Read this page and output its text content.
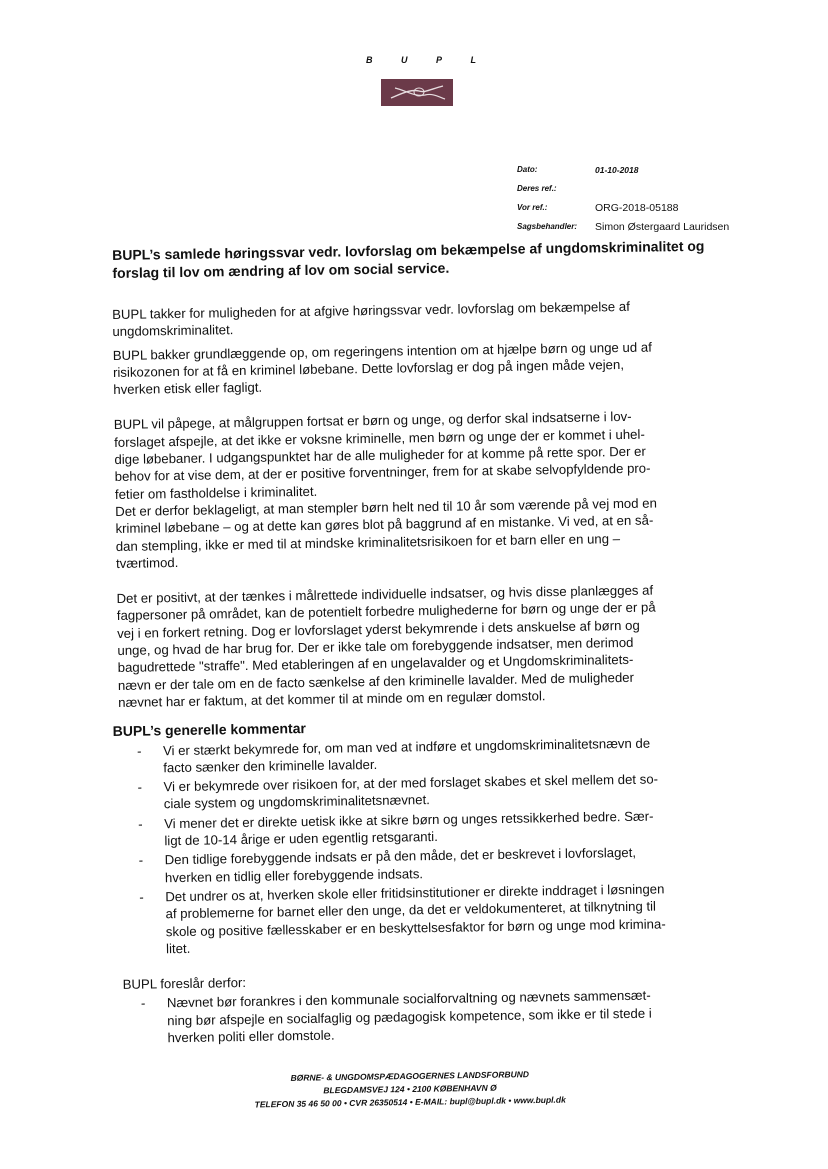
B	U	P	L
Dato:	01-10-2018
Deres ref.:
Vor ref.:	ORG-2018-05188
Sagsbehandler:	Simon Østergaard Lauridsen
BUPL’s samlede høringssvar vedr. lovforslag om bekæmpelse af ungdomskriminalitet og forslag til lov om ændring af lov om social service.

BUPL takker for muligheden for at afgive høringssvar vedr. lovforslag om bekæmpelse af
ungdomskriminalitet.

BUPL bakker grundlæggende op, om regeringens intention om at hjælpe børn og unge ud af
risikozonen for at få en kriminel løbebane. Dette lovforslag er dog på ingen måde vejen,
hverken etisk eller fagligt.

BUPL vil påpege, at målgruppen fortsat er børn og unge, og derfor skal indsatserne i lov-
forslaget afspejle, at det ikke er voksne kriminelle, men børn og unge der er kommet i uhel-
dige løbebaner. I udgangspunktet har de alle muligheder for at komme på rette spor. Der er
behov for at vise dem, at der er positive forventninger, frem for at skabe selvopfyldende pro-
fetier om fastholdelse i kriminalitet.
Det er derfor beklageligt, at man stempler børn helt ned til 10 år som værende på vej mod en
kriminel løbebane – og at dette kan gøres blot på baggrund af en mistanke. Vi ved, at en så-
dan stempling, ikke er med til at mindske kriminalitetsrisikoen for et barn eller en ung –
tværtimod.

Det er positivt, at der tænkes i målrettede individuelle indsatser, og hvis disse planlægges af
fagpersoner på området, kan de potentielt forbedre mulighederne for børn og unge der er på
vej i en forkert retning. Dog er lovforslaget yderst bekymrende i dets anskuelse af børn og
unge, og hvad de har brug for. Der er ikke tale om forebyggende indsatser, men derimod
bagudrettede "straffe". Med etableringen af en ungelavalder og et Ungdomskriminalitets-
nævn er der tale om en de facto sænkelse af den kriminelle lavalder. Med de muligheder
nævnet har er faktum, at det kommer til at minde om en regulær domstol.

BUPL’s generelle kommentar
- Vi er stærkt bekymrede for, om man ved at indføre et ungdomskriminalitetsnævn de
facto sænker den kriminelle lavalder.
- Vi er bekymrede over risikoen for, at der med forslaget skabes et skel mellem det so-
ciale system og ungdomskriminalitetsnævnet.
- Vi mener det er direkte uetisk ikke at sikre børn og unges retssikkerhed bedre. Sær-
ligt de 10-14 årige er uden egentlig retsgaranti.
- Den tidlige forebyggende indsats er på den måde, det er beskrevet i lovforslaget,
hverken en tidlig eller forebyggende indsats.
- Det undrer os at, hverken skole eller fritidsinstitutioner er direkte inddraget i løsningen
af problemerne for barnet eller den unge, da det er veldokumenteret, at tilknytning til
skole og positive fællesskaber er en beskyttelsesfaktor for børn og unge mod krimina-
litet.

BUPL foreslår derfor:

- Nævnet bør forankres i den kommunale socialforvaltning og nævnets sammensæt-
ning bør afspejle en socialfaglig og pædagogisk kompetence, som ikke er til stede i
hverken politi eller domstole.
BØRNE- & UNGDOMSPÆDAGOGERNES LANDSFORBUND
BLEGDAMSVEJ 124 • 2100 KØBENHAVN Ø
TELEFON 35 46 50 00 • CVR 26350514 • E-MAIL: bupl@bupl.dk • www.bupl.dk
